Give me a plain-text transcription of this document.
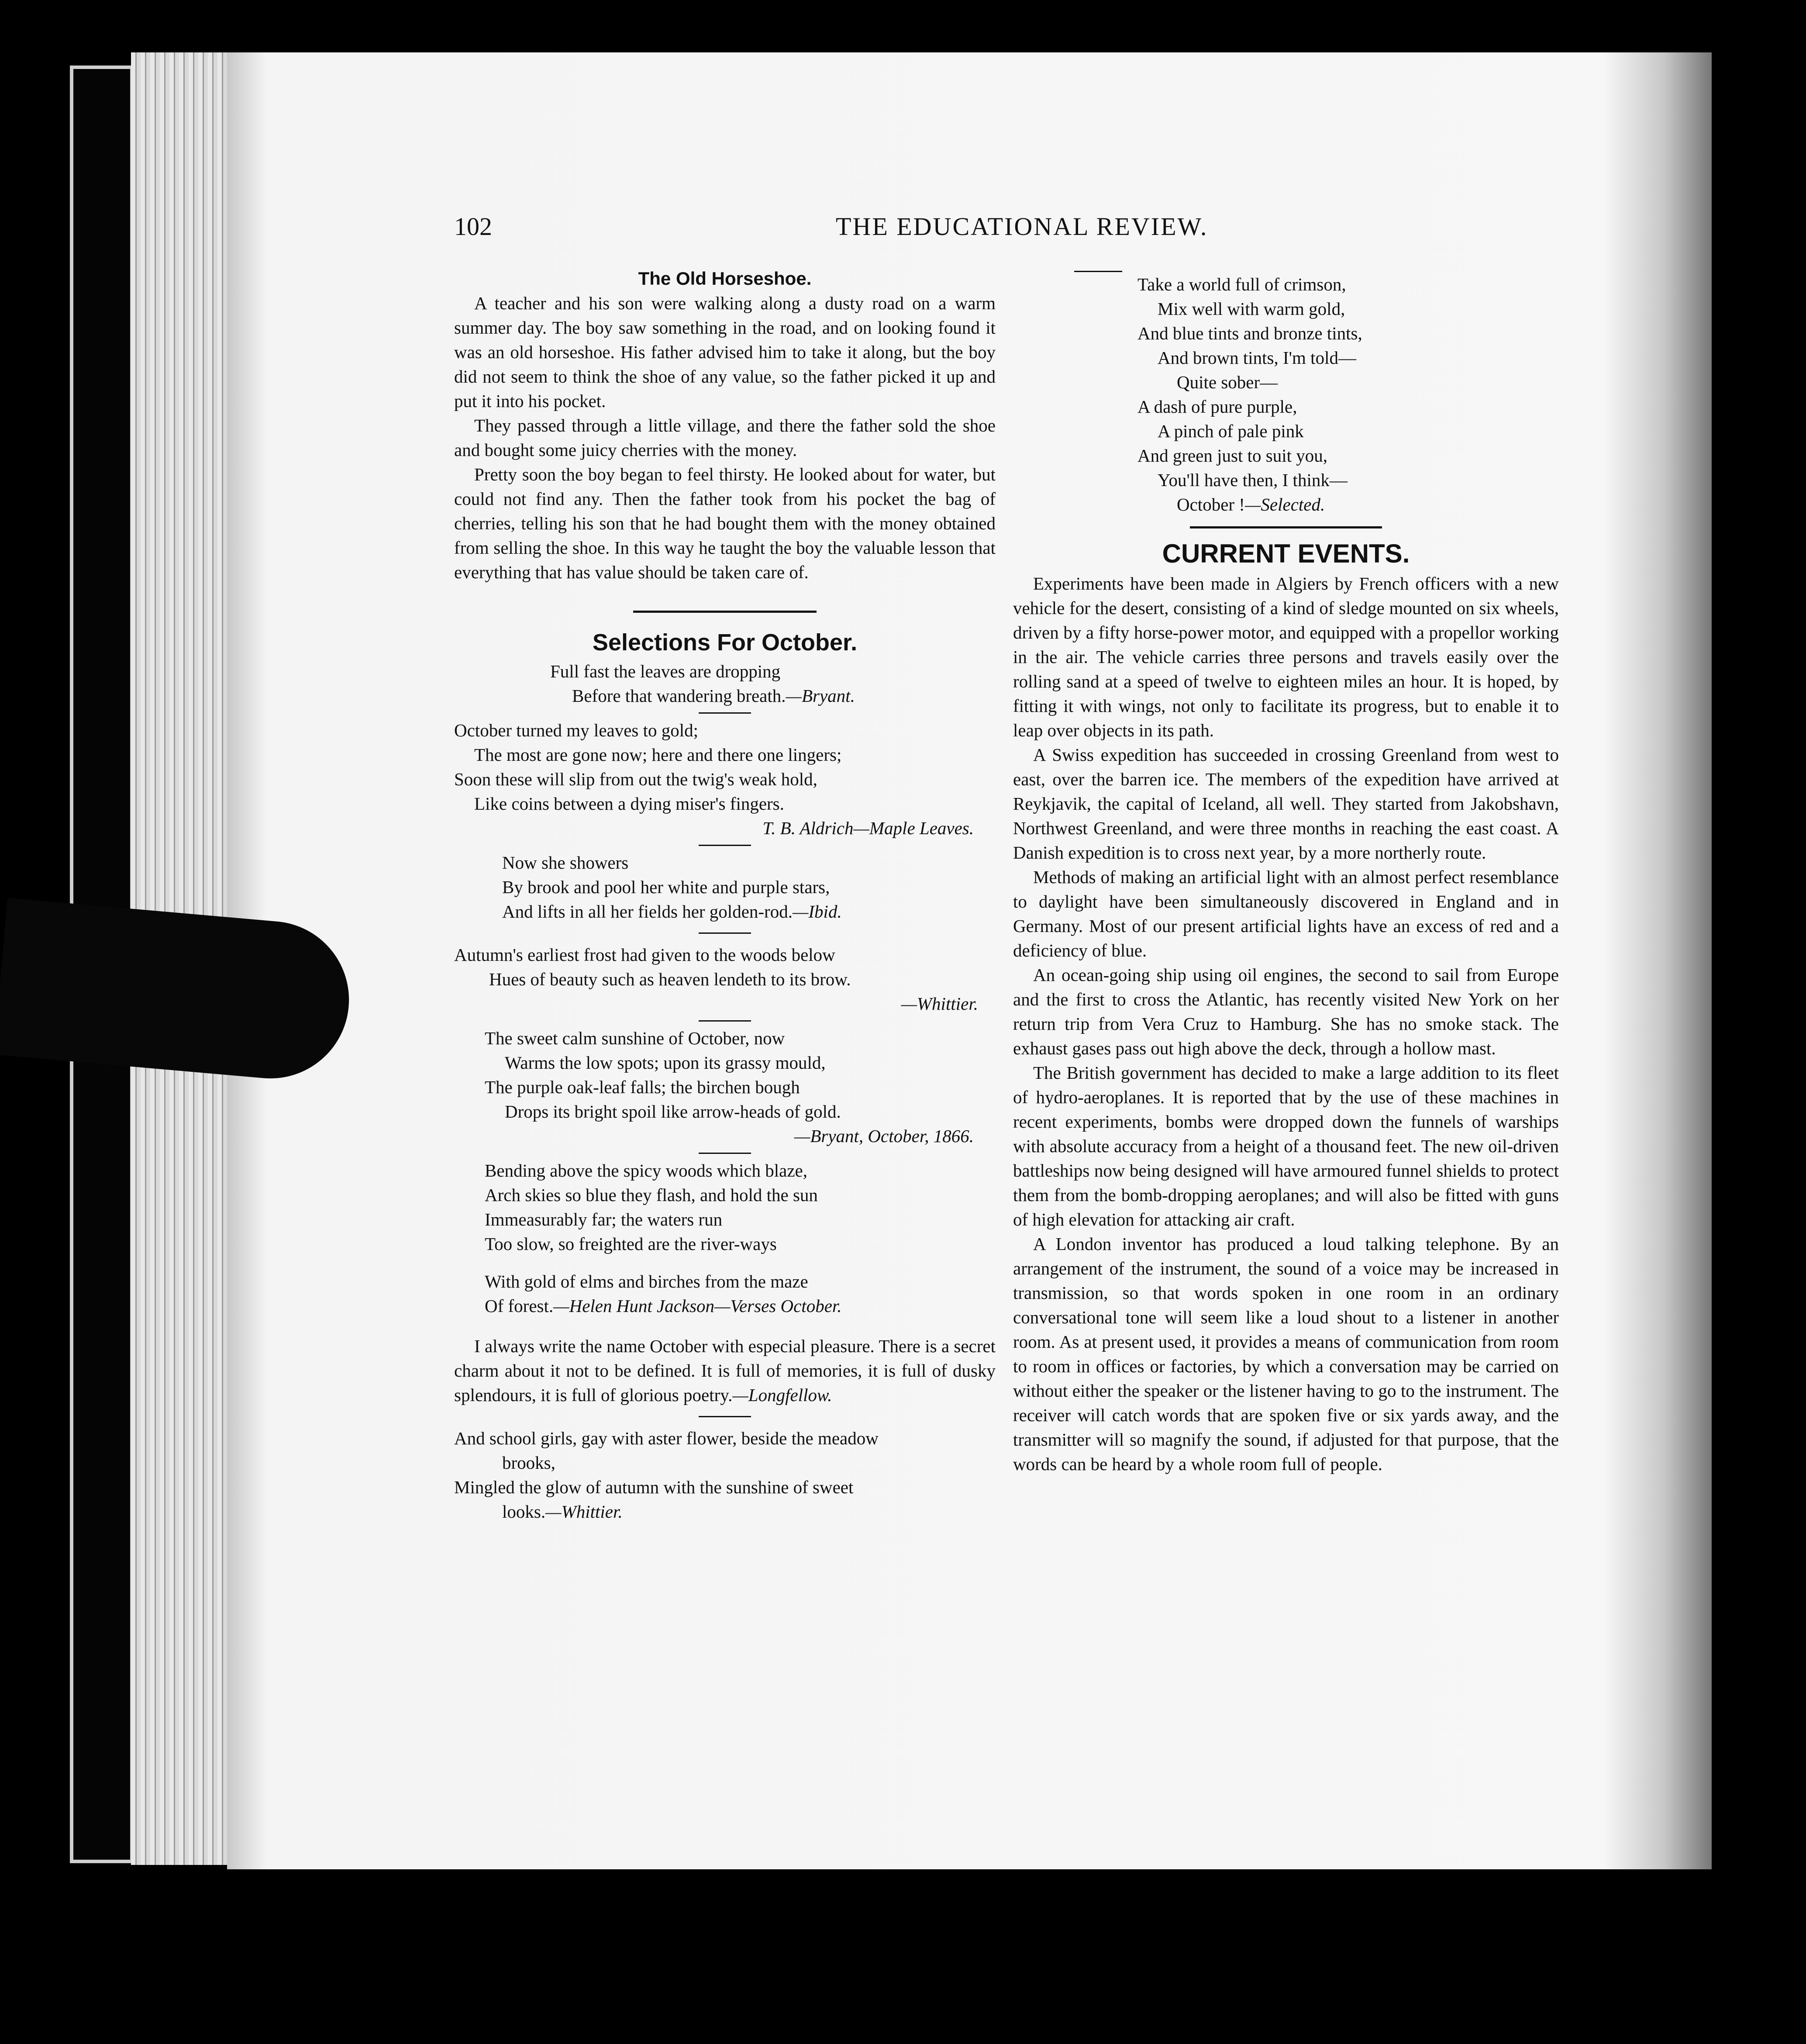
102	THE EDUCATIONAL REVIEW.
The Old Horseshoe.

A teacher and his son were walking along a dusty road on a warm summer day. The boy saw something in the road, and on looking found it was an old horseshoe. His father advised him to take it along, but the boy did not seem to think the shoe of any value, so the father picked it up and put it into his pocket.

They passed through a little village, and there the father sold the shoe and bought some juicy cherries with the money.

Pretty soon the boy began to feel thirsty. He looked about for water, but could not find any. Then the father took from his pocket the bag of cherries, telling his son that he had bought them with the money obtained from selling the shoe. In this way he taught the boy the valuable lesson that everything that has value should be taken care of.

Selections For October.
Full fast the leaves are dropping
Before that wandering breath.—Bryant.
October turned my leaves to gold;
The most are gone now; here and there one lingers;
Soon these will slip from out the twig's weak hold,
Like coins between a dying miser's fingers.
T. B. Aldrich—Maple Leaves.
Now she showers
By brook and pool her white and purple stars,
And lifts in all her fields her golden-rod.—Ibid.
Autumn's earliest frost had given to the woods below
Hues of beauty such as heaven lendeth to its brow.
—Whittier.
The sweet calm sunshine of October, now
Warms the low spots; upon its grassy mould,
The purple oak-leaf falls; the birchen bough
Drops its bright spoil like arrow-heads of gold.
—Bryant, October, 1866.
Bending above the spicy woods which blaze,
Arch skies so blue they flash, and hold the sun
Immeasurably far; the waters run
Too slow, so freighted are the river-ways
With gold of elms and birches from the maze
Of forest.—Helen Hunt Jackson—Verses October.

I always write the name October with especial pleasure. There is a secret charm about it not to be defined. It is full of memories, it is full of dusky splendours, it is full of glorious poetry.—Longfellow.

And school girls, gay with aster flower, beside the meadow
brooks,
Mingled the glow of autumn with the sunshine of sweet
looks.—Whittier.
Take a world full of crimson,
Mix well with warm gold,
And blue tints and bronze tints,
And brown tints, I'm told—
Quite sober—
A dash of pure purple,
A pinch of pale pink
And green just to suit you,
You'll have then, I think—
October !—Selected.
CURRENT EVENTS.

Experiments have been made in Algiers by French officers with a new vehicle for the desert, consisting of a kind of sledge mounted on six wheels, driven by a fifty horse-power motor, and equipped with a propellor working in the air. The vehicle carries three persons and travels easily over the rolling sand at a speed of twelve to eighteen miles an hour. It is hoped, by fitting it with wings, not only to facilitate its progress, but to enable it to leap over objects in its path.

A Swiss expedition has succeeded in crossing Greenland from west to east, over the barren ice. The members of the expedition have arrived at Reykjavik, the capital of Iceland, all well. They started from Jakobshavn, Northwest Greenland, and were three months in reaching the east coast. A Danish expedition is to cross next year, by a more northerly route.

Methods of making an artificial light with an almost perfect resemblance to daylight have been simultaneously discovered in England and in Germany. Most of our present artificial lights have an excess of red and a deficiency of blue.

An ocean-going ship using oil engines, the second to sail from Europe and the first to cross the Atlantic, has recently visited New York on her return trip from Vera Cruz to Hamburg. She has no smoke stack. The exhaust gases pass out high above the deck, through a hollow mast.

The British government has decided to make a large addition to its fleet of hydro-aeroplanes. It is reported that by the use of these machines in recent experiments, bombs were dropped down the funnels of warships with absolute accuracy from a height of a thousand feet. The new oil-driven battleships now being designed will have armoured funnel shields to protect them from the bomb-dropping aeroplanes; and will also be fitted with guns of high elevation for attacking air craft.

A London inventor has produced a loud talking telephone. By an arrangement of the instrument, the sound of a voice may be increased in transmission, so that words spoken in one room in an ordinary conversational tone will seem like a loud shout to a listener in another room. As at present used, it provides a means of communication from room to room in offices or factories, by which a conversation may be carried on without either the speaker or the listener having to go to the instrument. The receiver will catch words that are spoken five or six yards away, and the transmitter will so magnify the sound, if adjusted for that purpose, that the words can be heard by a whole room full of people.
